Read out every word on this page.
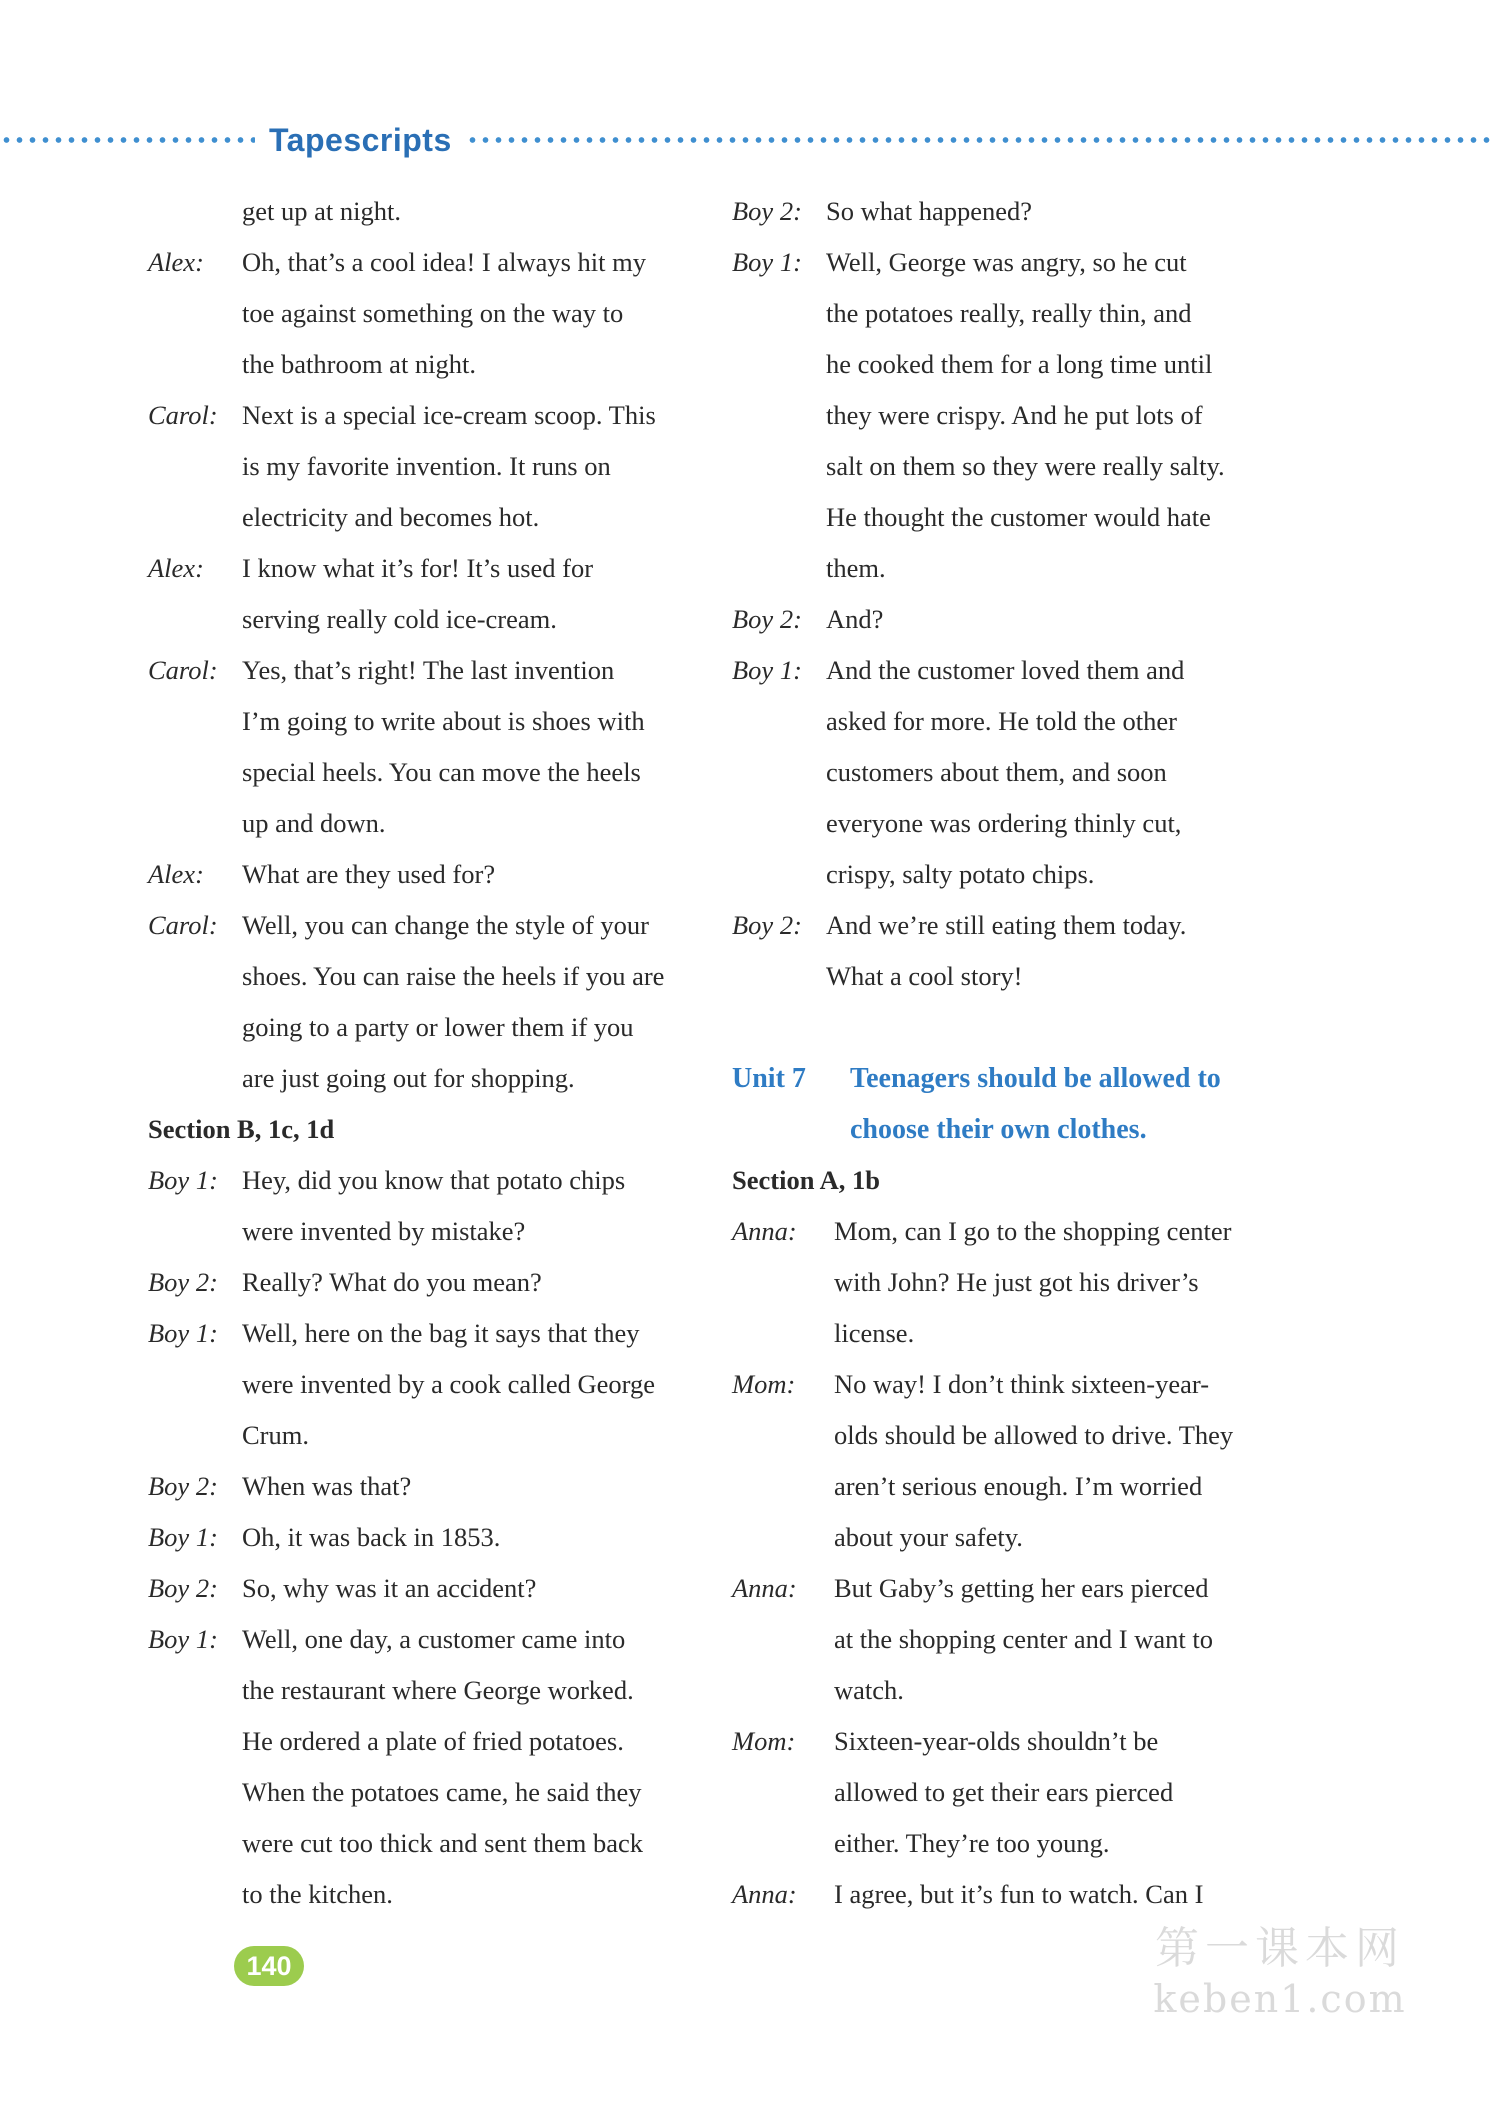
Tapescripts
get up at night.
Alex: Oh, that’s a cool idea! I always hit my
toe against something on the way to
the bathroom at night.
Carol: Next is a special ice-cream scoop. This
is my favorite invention. It runs on
electricity and becomes hot.
Alex: I know what it’s for! It’s used for
serving really cold ice-cream.
Carol: Yes, that’s right! The last invention
I’m going to write about is shoes with
special heels. You can move the heels
up and down.
Alex: What are they used for?
Carol: Well, you can change the style of your
shoes. You can raise the heels if you are
going to a party or lower them if you
are just going out for shopping.
Section B, 1c, 1d
Boy 1: Hey, did you know that potato chips
were invented by mistake?
Boy 2: Really? What do you mean?
Boy 1: Well, here on the bag it says that they
were invented by a cook called George
Crum.
Boy 2: When was that?
Boy 1: Oh, it was back in 1853.
Boy 2: So, why was it an accident?
Boy 1: Well, one day, a customer came into
the restaurant where George worked.
He ordered a plate of fried potatoes.
When the potatoes came, he said they
were cut too thick and sent them back
to the kitchen.
Boy 2: So what happened?
Boy 1: Well, George was angry, so he cut
the potatoes really, really thin, and
he cooked them for a long time until
they were crispy. And he put lots of
salt on them so they were really salty.
He thought the customer would hate
them.
Boy 2: And?
Boy 1: And the customer loved them and
asked for more. He told the other
customers about them, and soon
everyone was ordering thinly cut,
crispy, salty potato chips.
Boy 2: And we’re still eating them today.
What a cool story!
Unit 7 Teenagers should be allowed to
choose their own clothes.
Section A, 1b
Anna: Mom, can I go to the shopping center
with John? He just got his driver’s
license.
Mom: No way! I don’t think sixteen-year-
olds should be allowed to drive. They
aren’t serious enough. I’m worried
about your safety.
Anna: But Gaby’s getting her ears pierced
at the shopping center and I want to
watch.
Mom: Sixteen-year-olds shouldn’t be
allowed to get their ears pierced
either. They’re too young.
Anna: I agree, but it’s fun to watch. Can I
140	第一课本网
keben1.com
